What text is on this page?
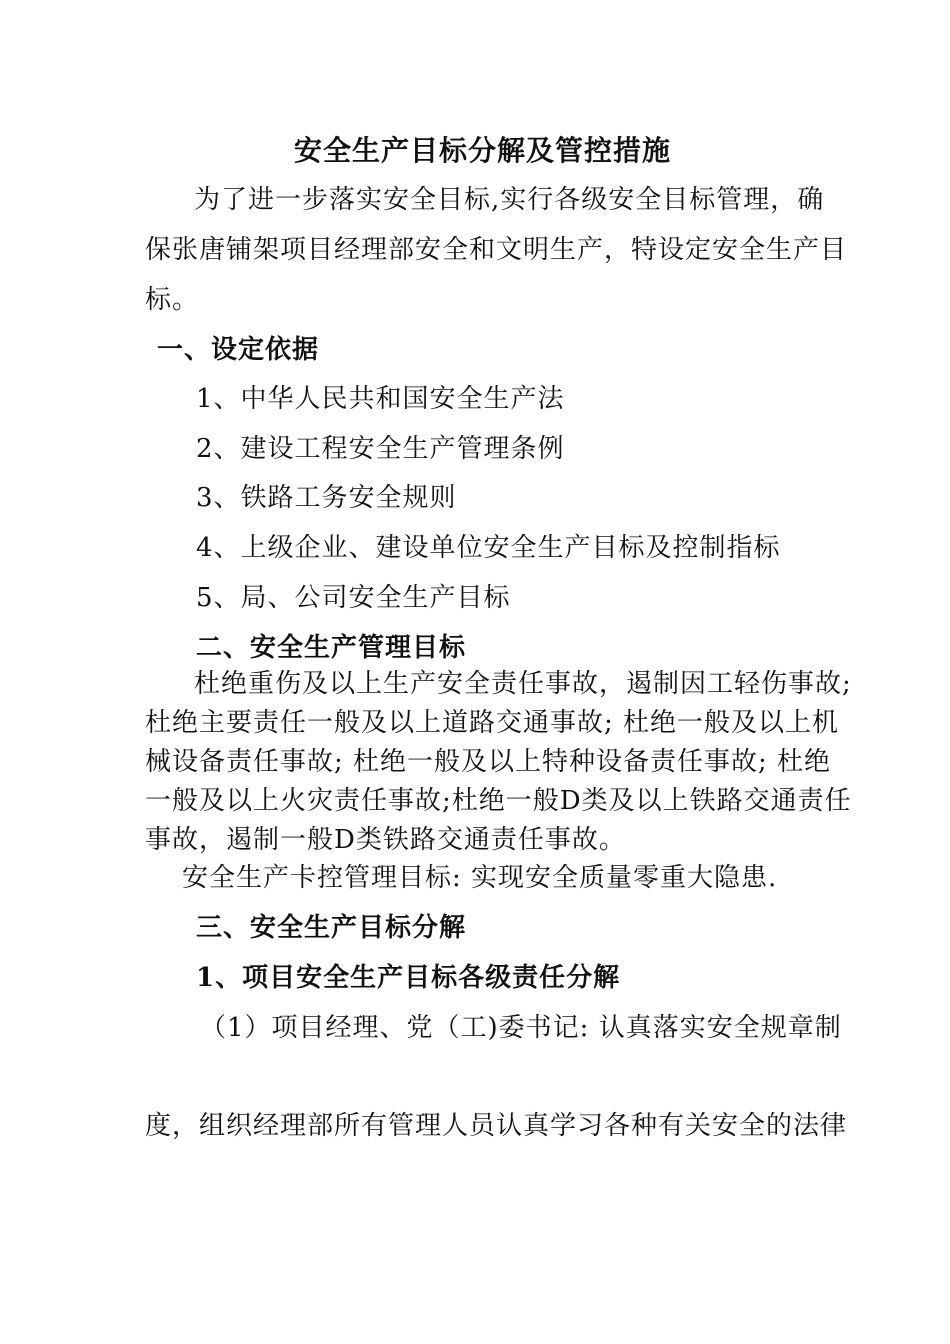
安全生产目标分解及管控措施
为了进一步落实安全目标,实行各级安全目标管理，确
保张唐铺架项目经理部安全和文明生产，特设定安全生产目
标。
一、设定依据
1、中华人民共和国安全生产法
2、建设工程安全生产管理条例
3、铁路工务安全规则
4、上级企业、建设单位安全生产目标及控制指标
5、局、公司安全生产目标
二、安全生产管理目标
杜绝重伤及以上生产安全责任事故，遏制因工轻伤事故;
杜绝主要责任一般及以上道路交通事故; 杜绝一般及以上机
械设备责任事故; 杜绝一般及以上特种设备责任事故; 杜绝
一般及以上火灾责任事故;杜绝一般D类及以上铁路交通责任
事故，遏制一般D类铁路交通责任事故。
安全生产卡控管理目标: 实现安全质量零重大隐患.
三、安全生产目标分解
1、项目安全生产目标各级责任分解
（1）项目经理、党（工)委书记: 认真落实安全规章制
度，组织经理部所有管理人员认真学习各种有关安全的法律
